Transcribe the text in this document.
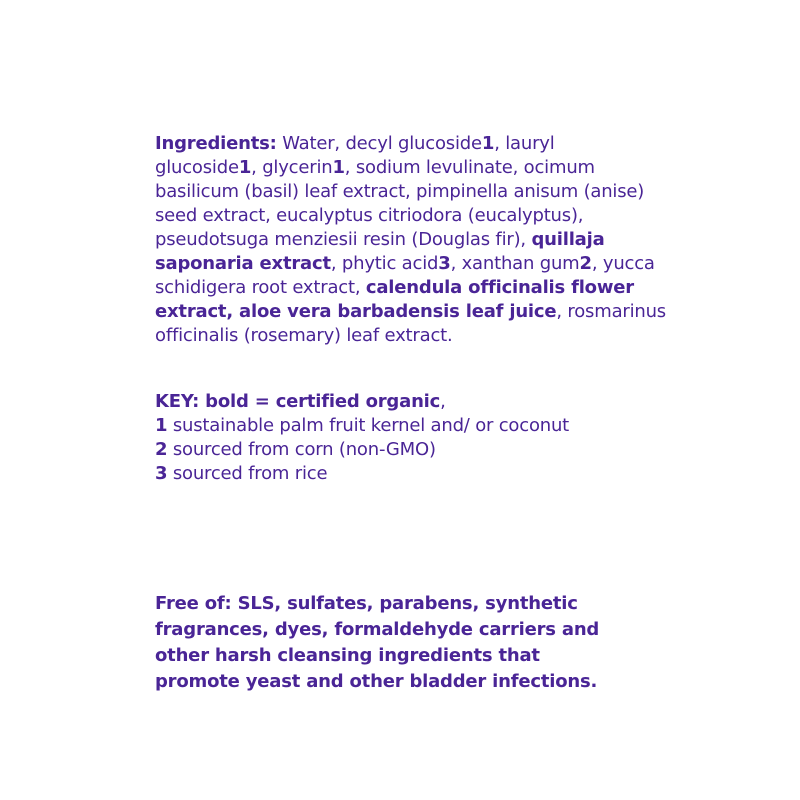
Ingredients: Water, decyl glucoside1, lauryl
glucoside1, glycerin1, sodium levulinate, ocimum
basilicum (basil) leaf extract, pimpinella anisum (anise)
seed extract, eucalyptus citriodora (eucalyptus),
pseudotsuga menziesii resin (Douglas fir), quillaja
saponaria extract, phytic acid3, xanthan gum2, yucca
schidigera root extract, calendula officinalis flower
extract, aloe vera barbadensis leaf juice, rosmarinus
officinalis (rosemary) leaf extract.
KEY: bold = certified organic,
1 sustainable palm fruit kernel and/ or coconut
2 sourced from corn (non-GMO)
3 sourced from rice
Free of: SLS, sulfates, parabens, synthetic
fragrances, dyes, formaldehyde carriers and
other harsh cleansing ingredients that
promote yeast and other bladder infections.
